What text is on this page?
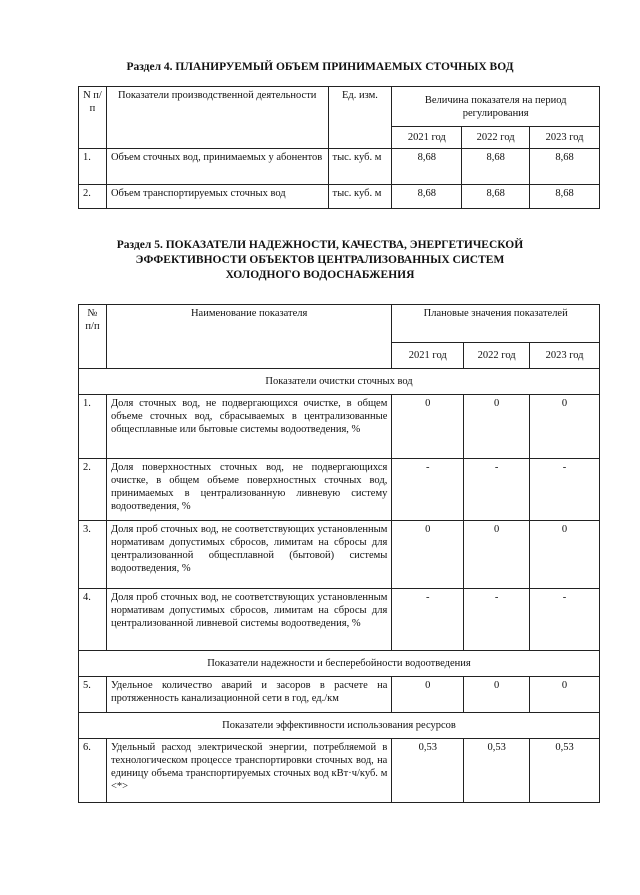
Раздел 4. ПЛАНИРУЕМЫЙ ОБЪЕМ ПРИНИМАЕМЫХ СТОЧНЫХ ВОД
N п/п	Показатели производственной деятельности	Ед. изм.	Величина показателя на период регулирования		
			2021 год	2022 год	2023 год
1.	Объем сточных вод, принимаемых у абонентов	тыс. куб. м	8,68	8,68	8,68
2.	Объем транспортируемых сточных вод	тыс. куб. м	8,68	8,68	8,68
Раздел 5. ПОКАЗАТЕЛИ НАДЕЖНОСТИ, КАЧЕСТВА, ЭНЕРГЕТИЧЕСКОЙ
ЭФФЕКТИВНОСТИ ОБЪЕКТОВ ЦЕНТРАЛИЗОВАННЫХ СИСТЕМ
ХОЛОДНОГО ВОДОСНАБЖЕНИЯ
№ п/п	Наименование показателя	Плановые значения показателей		
		2021 год	2022 год	2023 год
Показатели очистки сточных вод				
1.	Доля сточных вод, не подвергающихся очистке, в общем объеме сточных вод, сбрасываемых в централизованные общесплавные или бытовые системы водоотведения, %	0	0	0
2.	Доля поверхностных сточных вод, не подвергающихся очистке, в общем объеме поверхностных сточных вод, принимаемых в централизованную ливневую систему водоотведения, %	-	-	-
3.	Доля проб сточных вод, не соответствующих установленным нормативам допустимых сбросов, лимитам на сбросы для централизованной общесплавной (бытовой) системы водоотведения, %	0	0	0
4.	Доля проб сточных вод, не соответствующих установленным нормативам допустимых сбросов, лимитам на сбросы для централизованной ливневой системы водоотведения, %	-	-	-
Показатели надежности и бесперебойности водоотведения				
5.	Удельное количество аварий и засоров в расчете на протяженность канализационной сети в год, ед./км	0	0	0
Показатели эффективности использования ресурсов				
6.	Удельный расход электрической энергии, потребляемой в технологическом процессе транспортировки сточных вод, на единицу объема транспортируемых сточных вод кВт·ч/куб. м <*>	0,53	0,53	0,53
